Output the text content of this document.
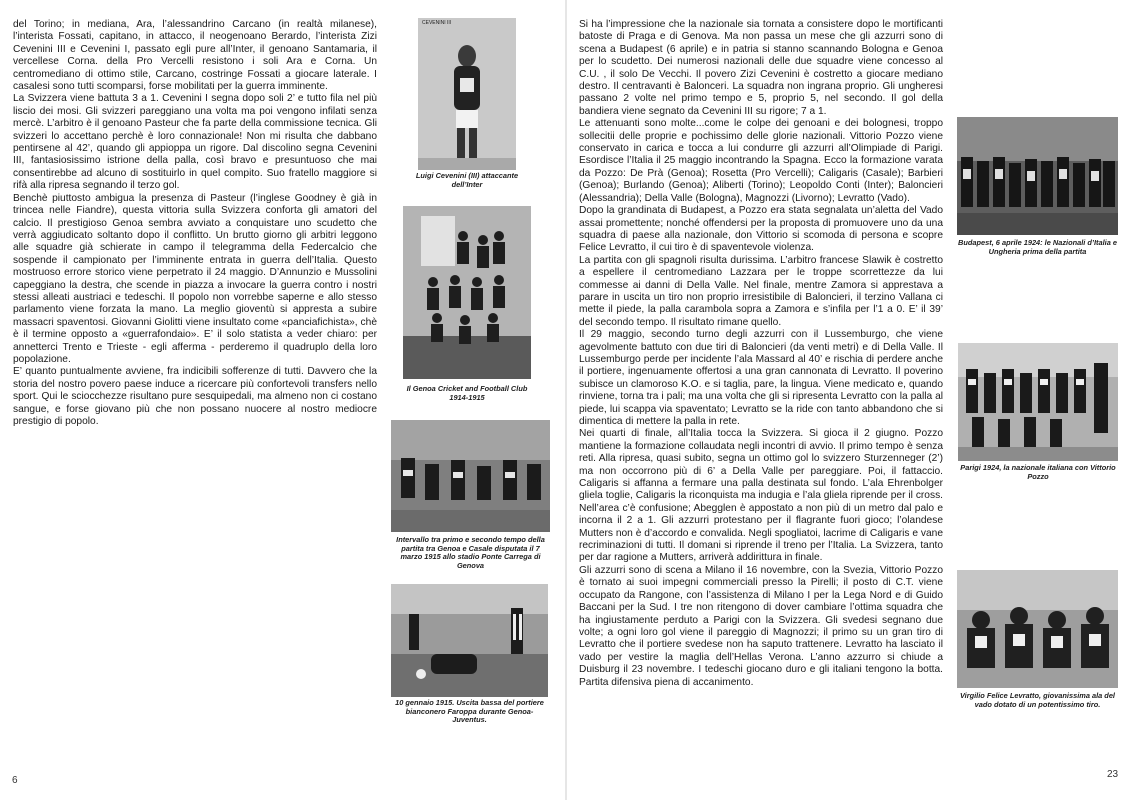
del Torino; in mediana, Ara, l’alessandrino Carcano (in realtà milanese), l’interista Fossati, capitano, in attacco, il neogenoano Berardo, l’interista Zizi Cevenini III e Cevenini I, passato egli pure all’Inter, il genoano Santamaria, il vercellese Corna. della Pro Vercelli resistono i soli Ara e Corna. Un centromediano di ottimo stile, Carcano, costringe Fossati a giocare laterale. I casalesi sono tutti scomparsi, forse mobilitati per la guerra imminente.

La Svizzera viene battuta 3 a 1. Cevenini I segna dopo soli 2’ e tutto fila nel più liscio dei mosi. Gli svizzeri pareggiano una volta ma poi vengono infilati senza mercè. L’arbitro è il genoano Pasteur che fa parte della commissione tecnica. Gli svizzeri lo accettano perchè è loro connazionale! Non mi risulta che dabbano pentirsene al 42’, quando gli appioppa un rigore. Dal discolino segna Cevenini III, fantasiosissimo istrione della palla, così bravo e presuntuoso che mai consentirebbe ad alcuno di sostituirlo in quel compito. Suo fratello maggiore si rifà alla ripresa segnando il terzo gol.

Benchè piuttosto ambigua la presenza di Pasteur (l’inglese Goodney è già in trincea nelle Fiandre), questa vittoria sulla Svizzera conforta gli amatori del calcio. Il prestigioso Genoa sembra avviato a conquistare uno scudetto che verrà aggiudicato soltanto dopo il conflitto. Un brutto giorno gli arbitri leggono alle squadre già schierate in campo il telegramma della Federcalcio che sospende il campionato per l’imminente entrata in guerra dell’Italia. Questo mostruoso errore storico viene perpetrato il 24 maggio. D’Annunzio e Mussolini capeggiano la destra, che scende in piazza a invocare la guerra contro i nostri stessi alleati austriaci e tedeschi. Il popolo non vorrebbe saperne e allo stesso parlamento viene forzata la mano. La meglio gioventù si appresta a subire massacri spaventosi. Giovanni Giolitti viene insultato come «panciafichista», chè è il termine opposto a «guerrafondaio». E’ il solo statista a veder chiaro: per annetterci Trento e Trieste - egli afferma - perderemo il quadruplo della loro popolazione.

E’ quanto puntualmente avviene, fra indicibili sofferenze di tutti. Davvero che la storia del nostro povero paese induce a ricercare più confortevoli transfers nello sport. Qui le sciocchezze risultano pure sesquipedali, ma almeno non ci costano sangue, e forse giovano più che non possano nuocere al nostro mediocre prestigio di popolo.

CEVENINI III
Luigi Cevenini (III) attaccante dell’Inter
Il Genoa Cricket and Football Club 1914-1915
Intervallo tra primo e secondo tempo della partita tra Genoa e Casale disputata il 7 marzo 1915 allo stadio Ponte Carrega di Genova
10 gennaio 1915. Uscita bassa del portiere bianconero Faroppa durante Genoa-Juventus.
6

Si ha l’impressione che la nazionale sia tornata a consistere dopo le mortificanti batoste di Praga e di Genova. Ma non passa un mese che gli azzurri sono di scena a Budapest (6 aprile) e in patria si stanno scannando Bologna e Genoa per lo scudetto. Dei numerosi nazionali delle due squadre viene concesso al C.U. , il solo De Vecchi. Il povero Zizi Cevenini è costretto a giocare mediano destro. Il centravanti è Balonceri. La squadra non ingrana proprio. Gli ungheresi passano 2 volte nel primo tempo e 5, proprio 5, nel secondo. Il gol della bandiera viene segnato da Cevenini III su rigore; 7 a 1.

Le attenuanti sono molte...come le colpe dei genoani e dei bolognesi, troppo sollecitii delle proprie e pochissimo delle glorie nazionali. Vittorio Pozzo viene conservato in carica e tocca a lui condurre gli azzurri all’Olimpiade di Parigi. Esordisce l’Italia il 25 maggio incontrando la Spagna. Ecco la formazione varata da Pozzo: De Prà (Genoa); Rosetta (Pro Vercelli); Caligaris (Casale); Barbieri (Genoa); Burlando (Genoa); Aliberti (Torino); Leopoldo Conti (Inter); Baloncieri (Alessandria); Della Valle (Bologna), Magnozzi (Livorno); Levratto (Vado).

Dopo la grandinata di Budapest, a Pozzo era stata segnalata un’aletta del Vado assai promettente; nonché offendersi per la proposta di promuovere uno da una squadra di paese alla nazionale, don Vittorio si scomoda di persona e scopre Felice Levratto, il cui tiro è di spaventevole violenza.

La partita con gli spagnoli risulta durissima. L’arbitro francese Slawik è costretto a espellere il centromediano Lazzara per le troppe scorrettezze da lui commesse ai danni di Della Valle. Nel finale, mentre Zamora si apprestava a parare in uscita un tiro non proprio irresistibile di Baloncieri, il terzino Vallana ci mette il piede, la palla carambola sopra a Zamora e s’infila per l’1 a 0. E’ il 39’ del secondo tempo. Il risultato rimane quello.

Il 29 maggio, secondo turno degli azzurri con il Lussemburgo, che viene agevolmente battuto con due tiri di Baloncieri (da venti metri) e di Della Valle. Il Lussemburgo perde per incidente l’ala Massard al 40’ e rischia di perdere anche il portiere, ingenuamente offertosi a una gran cannonata di Levratto. Il poverino subisce un clamoroso K.O. e si taglia, pare, la lingua. Viene medicato e, quando rinviene, torna tra i pali; ma una volta che gli si ripresenta Levratto con la palla al piede, lui scappa via spaventato; Levratto se la ride con tanto abbandono che si dimentica di mettere la palla in rete.

Nei quarti di finale, all’Italia tocca la Svizzera. Si gioca il 2 giugno. Pozzo mantiene la formazione collaudata negli incontri di avvio. Il primo tempo è senza reti. Alla ripresa, quasi subito, segna un ottimo gol lo svizzero Sturzenneger (2’) ma non occorrono più di 6’ a Della Valle per pareggiare. Poi, il fattaccio. Caligaris si affanna a fermare una palla destinata sul fondo. L’ala Ehrenbolger gliela toglie, Caligaris la riconquista ma indugia e l’ala gliela riprende per il cross. Nell’area c’è confusione; Abegglen è appostato a non più di un metro dal palo e incorna il 2 a 1. Gli azzurri protestano per il flagrante fuori gioco; l’olandese Mutters non è d’accordo e convalida. Negli spogliatoi, lacrime di Caligaris e vane recriminazioni di tutti. Il domani si riprende il treno per l’Italia. La Svizzera, tanto per dar ragione a Mutters, arriverà addirittura in finale.

Gli azzurri sono di scena a Milano il 16 novembre, con la Svezia, Vittorio Pozzo è tornato ai suoi impegni commerciali presso la Pirelli; il posto di C.T. viene occupato da Rangone, con l’assistenza di Milano I per la Lega Nord e di Guido Baccani per la Sud. I tre non ritengono di dover cambiare l’ottima squadra che ha ingiustamente perduto a Parigi con la Svizzera. Gli svedesi segnano due volte; a ogni loro gol viene il pareggio di Magnozzi; il primo su un gran tiro di Levratto che il portiere svedese non ha saputo trattenere. Levratto ha lasciato il vado per vestire la maglia dell’Hellas Verona. L’anno azzurro si chiude a Duisburg il 23 novembre. I tedeschi giocano duro e gli italiani tengono la botta. Partita difensiva piena di accanimento.

Budapest, 6 aprile 1924: le Nazionali d’Italia e Ungheria prima della partita
Parigi 1924, la nazionale italiana con Vittorio Pozzo
Virgilio Felice Levratto, giovanissima ala del vado dotato di un potentissimo tiro.
23
